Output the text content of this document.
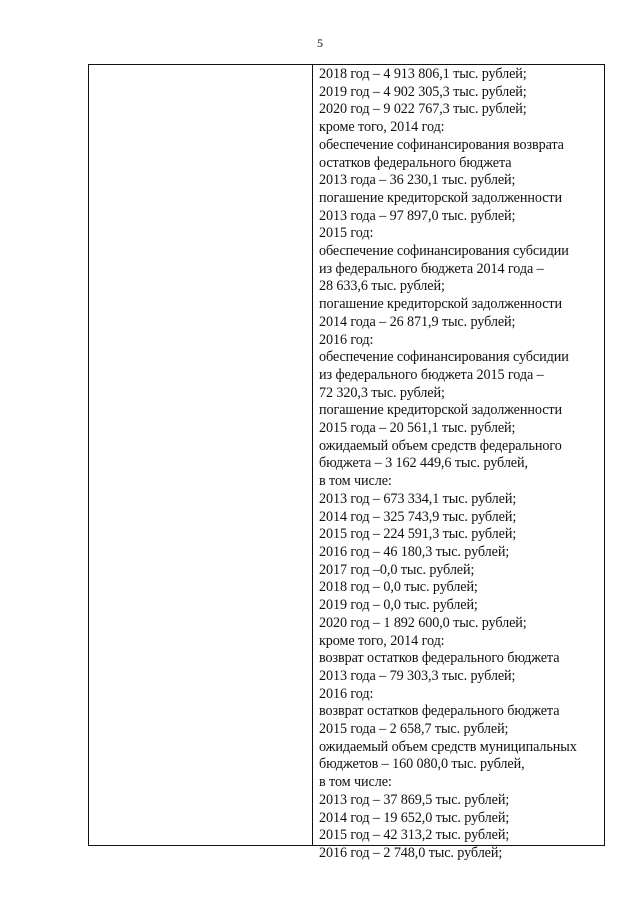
5
2018 год – 4 913 806,1 тыс. рублей;
2019 год – 4 902 305,3 тыс. рублей;
2020 год – 9 022 767,3 тыс. рублей;
кроме того, 2014 год:
обеспечение софинансирования возврата
остатков федерального бюджета
2013 года – 36 230,1 тыс. рублей;
погашение кредиторской задолженности
2013 года – 97 897,0 тыс. рублей;
2015 год:
обеспечение софинансирования субсидии
из федерального бюджета 2014 года –
28 633,6 тыс. рублей;
погашение кредиторской задолженности
2014 года – 26 871,9 тыс. рублей;
2016 год:
обеспечение софинансирования субсидии
из федерального бюджета 2015 года –
72 320,3 тыс. рублей;
погашение кредиторской задолженности
2015 года – 20 561,1 тыс. рублей;
ожидаемый объем средств федерального
бюджета – 3 162 449,6 тыс. рублей,
в том числе:
2013 год – 673 334,1 тыс. рублей;
2014 год – 325 743,9 тыс. рублей;
2015 год – 224 591,3 тыс. рублей;
2016 год – 46 180,3 тыс. рублей;
2017 год –0,0 тыс. рублей;
2018 год – 0,0 тыс. рублей;
2019 год – 0,0 тыс. рублей;
2020 год – 1 892 600,0 тыс. рублей;
кроме того, 2014 год:
возврат остатков федерального бюджета
2013 года – 79 303,3 тыс. рублей;
2016 год:
возврат остатков федерального бюджета
2015 года – 2 658,7 тыс. рублей;
ожидаемый объем средств муниципальных
бюджетов – 160 080,0 тыс. рублей,
в том числе:
2013 год – 37 869,5 тыс. рублей;
2014 год – 19 652,0 тыс. рублей;
2015 год – 42 313,2 тыс. рублей;
2016 год – 2 748,0 тыс. рублей;
